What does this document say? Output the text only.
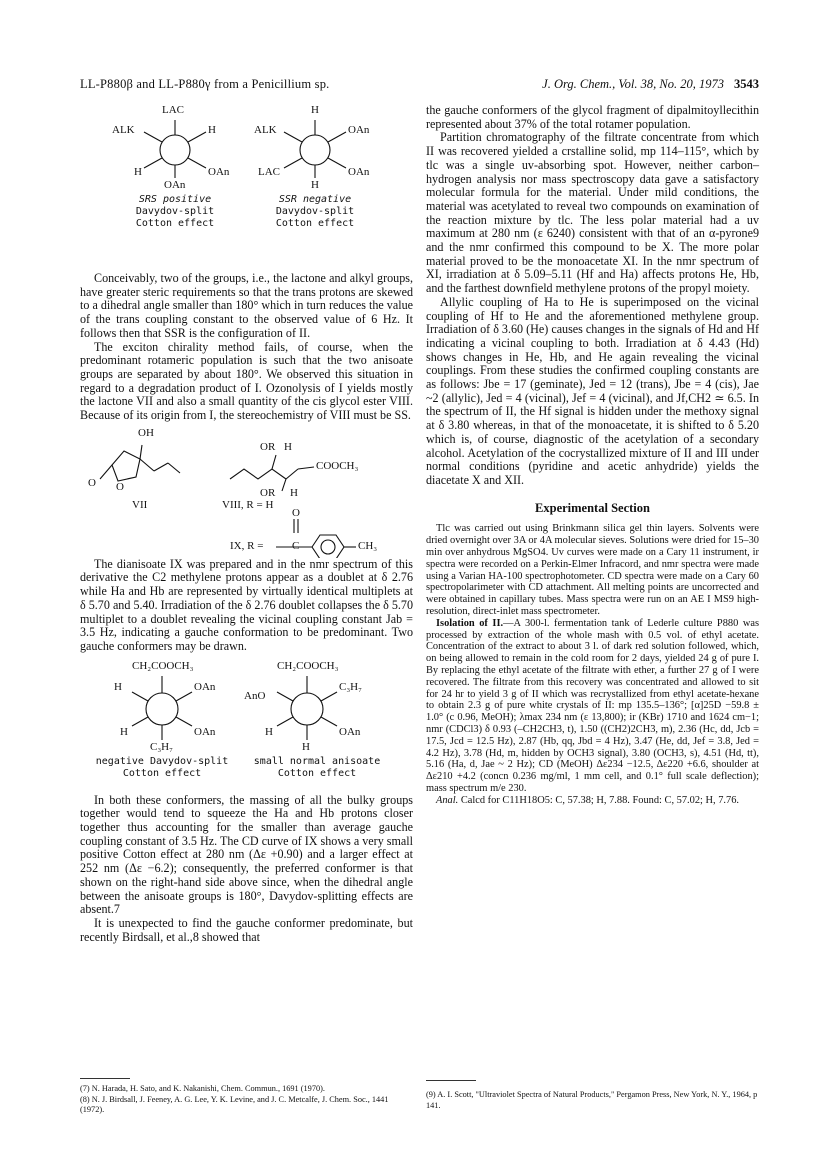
LL-P880β and LL-P880γ from a Penicillium sp.	J. Org. Chem., Vol. 38, No. 20, 1973 3543
LAC
ALK	H
H	OAn
OAn
SRS positive
Davydov-split
Cotton effect
H
ALK	OAn
LAC	OAn
H
SSR negative
Davydov-split
Cotton effect

Conceivably, two of the groups, i.e., the lactone and alkyl groups, have greater steric requirements so that the trans protons are skewed to a dihedral angle smaller than 180° which in turn reduces the value of the trans coupling constant to the observed value of 6 Hz. It follows then that SSR is the configuration of II.

The exciton chirality method fails, of course, when the predominant rotameric population is such that the two anisoate groups are separated by about 180°. We observed this situation in regard to a degradation product of I. Ozonolysis of I yields mostly the lactone VII and also a small quantity of the cis glycol ester VIII. Because of its origin from I, the stereochemistry of VIII must be SS.

OH
O O
VII
OR H
COOCH₃
OR H
VIII, R = H
O
IX, R =	C	CH₃

The dianisoate IX was prepared and in the nmr spectrum of this derivative the C2 methylene protons appear as a doublet at δ 2.76 while Ha and Hb are represented by virtually identical multiplets at δ 5.70 and 5.40. Irradiation of the δ 2.76 doublet collapses the δ 5.70 multiplet to a doublet revealing the vicinal coupling constant Jab = 3.5 Hz, indicating a gauche conformation to be predominant. Two gauche conformers may be drawn.

CH₂COOCH₃
H	OAn
H	OAn
C₃H₇
negative Davydov-split
Cotton effect
CH₂COOCH₃
AnO
C₃H₇
H	OAn
H
small normal anisoate
Cotton effect

In both these conformers, the massing of all the bulky groups together would tend to squeeze the Ha and Hb protons closer together thus accounting for the smaller than average gauche coupling constant of 3.5 Hz. The CD curve of IX shows a very small positive Cotton effect at 280 nm (Δε +0.90) and a larger effect at 252 nm (Δε −6.2); consequently, the preferred conformer is that shown on the right-hand side above since, when the dihedral angle between the anisoate groups is 180°, Davydov-splitting effects are absent.7

It is unexpected to find the gauche conformer predominate, but recently Birdsall, et al.,8 showed that

the gauche conformers of the glycol fragment of dipalmitoyllecithin represented about 37% of the total rotamer population.

Partition chromatography of the filtrate concentrate from which II was recovered yielded a crstalline solid, mp 114–115°, which by tlc was a single uv-absorbing spot. However, neither carbon–hydrogen analysis nor mass spectroscopy data gave a satisfactory molecular formula for the material. Under mild conditions, the material was acetylated to reveal two compounds on examination of the reaction mixture by tlc. The less polar material had a uv maximum at 280 nm (ε 6240) consistent with that of an α-pyrone9 and the nmr confirmed this compound to be X. The more polar material proved to be the monoacetate XI. In the nmr spectrum of XI, irradiation at δ 5.09–5.11 (Hf and Ha) affects protons He, Hb, and the farthest downfield methylene protons of the propyl moiety.

Allylic coupling of Ha to He is superimposed on the vicinal coupling of Hf to He and the aforementioned methylene group. Irradiation of δ 3.60 (He) causes changes in the signals of Hd and Hf indicating a vicinal coupling to both. Irradiation at δ 4.43 (Hd) shows changes in He, Hb, and He again revealing the vicinal couplings. From these studies the confirmed coupling constants are as follows: Jbe = 17 (geminate), Jed = 12 (trans), Jbe = 4 (cis), Jae ~2 (allylic), Jed = 4 (vicinal), Jef = 4 (vicinal), and Jf,CH2 ≃ 6.5. In the spectrum of II, the Hf signal is hidden under the methoxy signal at δ 3.80 whereas, in that of the monoacetate, it is shifted to δ 5.20 which is, of course, diagnostic of the acetylation of a secondary alcohol. Acetylation of the cocrystallized mixture of II and III under normal conditions (pyridine and acetic anhydride) yields the diacetate X and XII.

Experimental Section

Tlc was carried out using Brinkmann silica gel thin layers. Solvents were dried overnight over 3A or 4A molecular sieves. Solutions were dried for 15–30 min over anhydrous MgSO4. Uv curves were made on a Cary 11 instrument, ir spectra were recorded on a Perkin-Elmer Infracord, and nmr spectra were made using a Varian HA-100 spectrophotometer. CD spectra were made on a Cary 60 spectropolarimeter with CD attachment. All melting points are uncorrected and were obtained in capillary tubes. Mass spectra were run on an AE I MS9 high-resolution, direct-inlet mass spectrometer.

Isolation of II.—A 300-l. fermentation tank of Lederle culture P880 was processed by extraction of the whole mash with 0.5 vol. of ethyl acetate. Concentration of the extract to about 3 l. of dark red solution followed, which, on being allowed to remain in the cold room for 2 days, yielded 24 g of pure I. By replacing the ethyl acetate of the filtrate with ether, a further 27 g of I were recovered. The filtrate from this recovery was concentrated and allowed to sit for 24 hr to yield 3 g of II which was recrystallized from ethyl acetate-hexane to obtain 2.3 g of pure white crystals of II: mp 135.5–136°; [α]25D −59.8 ± 1.0° (c 0.96, MeOH); λmax 234 nm (ε 13,800); ir (KBr) 1710 and 1624 cm−1; nmr (CDCl3) δ 0.93 (–CH2CH3, t), 1.50 ((CH2)2CH3, m), 2.36 (Hc, dd, Jcb = 17.5, Jcd = 12.5 Hz), 2.87 (Hb, qq, Jbd = 4 Hz), 3.47 (He, dd, Jef = 3.8, Jed = 4.2 Hz), 3.78 (Hd, m, hidden by OCH3 signal), 3.80 (OCH3, s), 4.51 (Hd, tt), 5.16 (Ha, d, Jae ~ 2 Hz); CD (MeOH) Δε234 −12.5, Δε220 +6.6, shoulder at Δε210 +4.2 (concn 0.236 mg/ml, 1 mm cell, and 0.1° full scale deflection); mass spectrum m/e 230.

Anal. Calcd for C11H18O5: C, 57.38; H, 7.88. Found: C, 57.02; H, 7.76.

(7) N. Harada, H. Sato, and K. Nakanishi, Chem. Commun., 1691 (1970).
(8) N. J. Birdsall, J. Feeney, A. G. Lee, Y. K. Levine, and J. C. Metcalfe, J. Chem. Soc., 1441 (1972).
(9) A. I. Scott, "Ultraviolet Spectra of Natural Products," Pergamon Press, New York, N. Y., 1964, p 141.
